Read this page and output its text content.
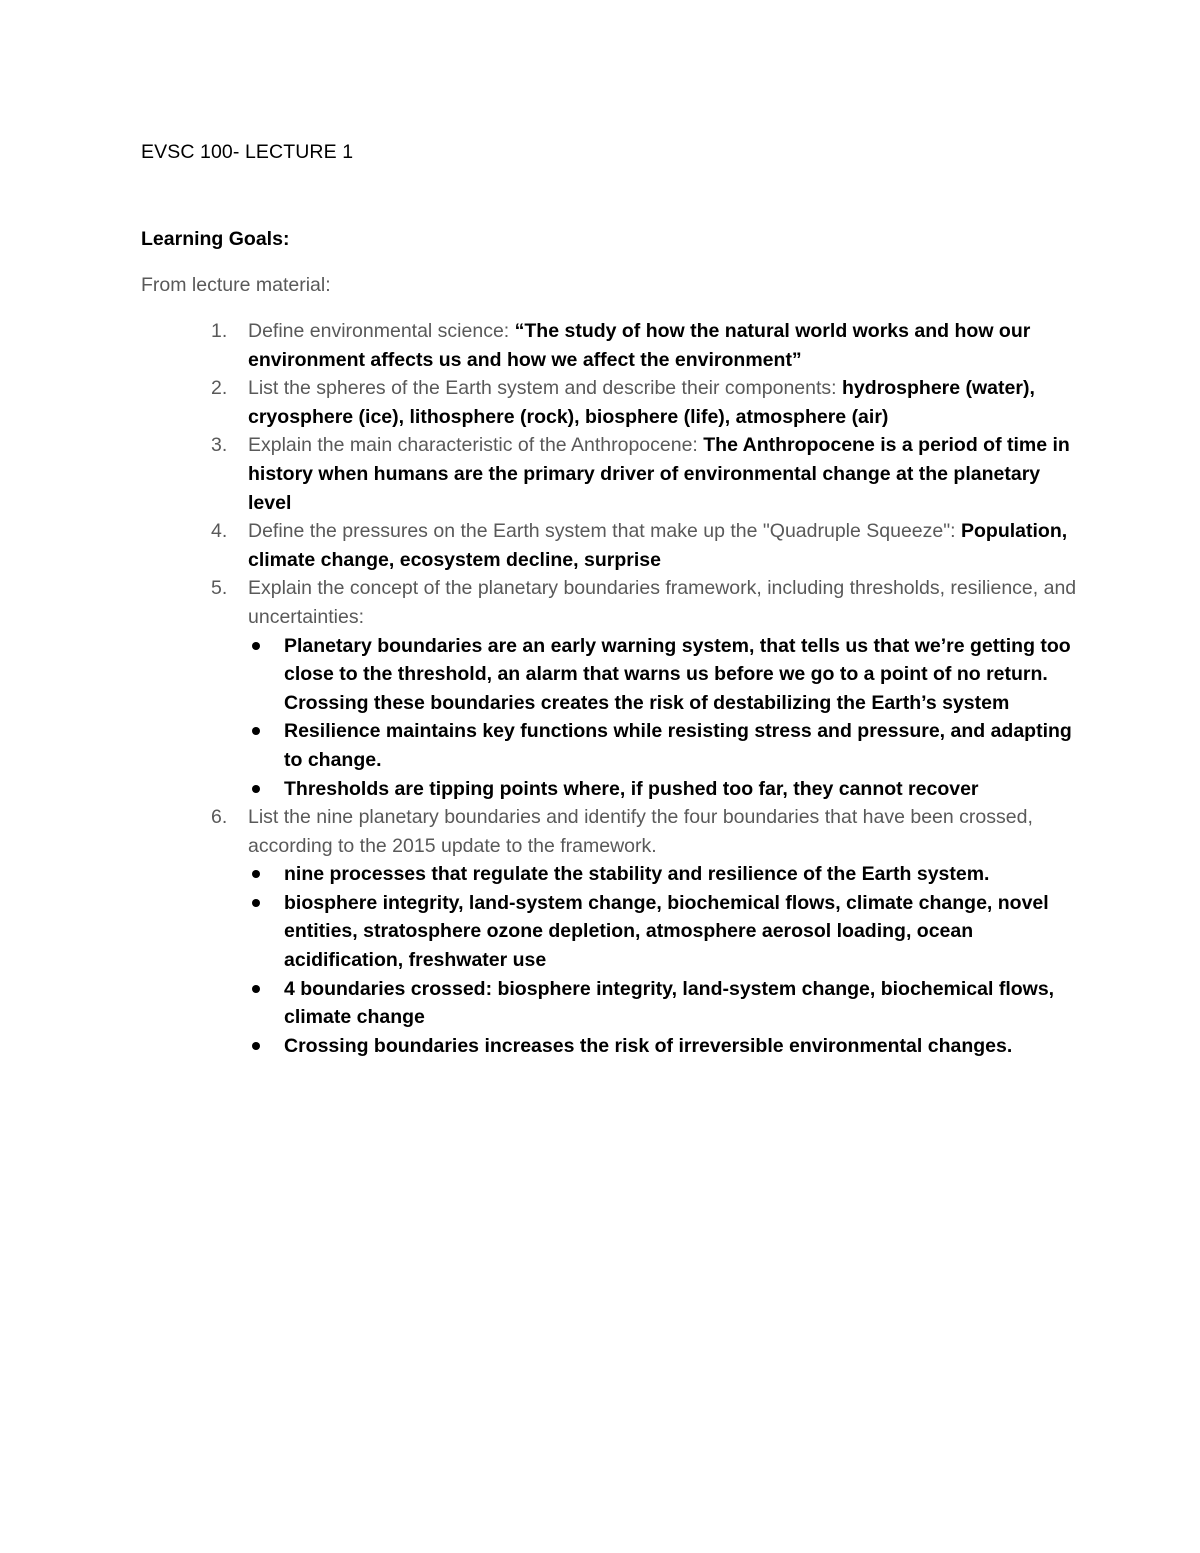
EVSC 100- LECTURE 1
Learning Goals:
From lecture material:
1. Define environmental science: “The study of how the natural world works and how our environment affects us and how we affect the environment”
2. List the spheres of the Earth system and describe their components: hydrosphere (water), cryosphere (ice), lithosphere (rock), biosphere (life), atmosphere (air)
3. Explain the main characteristic of the Anthropocene: The Anthropocene is a period of time in history when humans are the primary driver of environmental change at the planetary level
4. Define the pressures on the Earth system that make up the "Quadruple Squeeze": Population, climate change, ecosystem decline, surprise
5. Explain the concept of the planetary boundaries framework, including thresholds, resilience, and uncertainties:
Planetary boundaries are an early warning system, that tells us that we’re getting too close to the threshold, an alarm that warns us before we go to a point of no return. Crossing these boundaries creates the risk of destabilizing the Earth’s system
Resilience maintains key functions while resisting stress and pressure, and adapting to change.
Thresholds are tipping points where, if pushed too far, they cannot recover
6. List the nine planetary boundaries and identify the four boundaries that have been crossed, according to the 2015 update to the framework.
nine processes that regulate the stability and resilience of the Earth system.
biosphere integrity, land-system change, biochemical flows, climate change, novel entities, stratosphere ozone depletion, atmosphere aerosol loading, ocean acidification, freshwater use
4 boundaries crossed: biosphere integrity, land-system change, biochemical flows, climate change
Crossing boundaries increases the risk of irreversible environmental changes.
